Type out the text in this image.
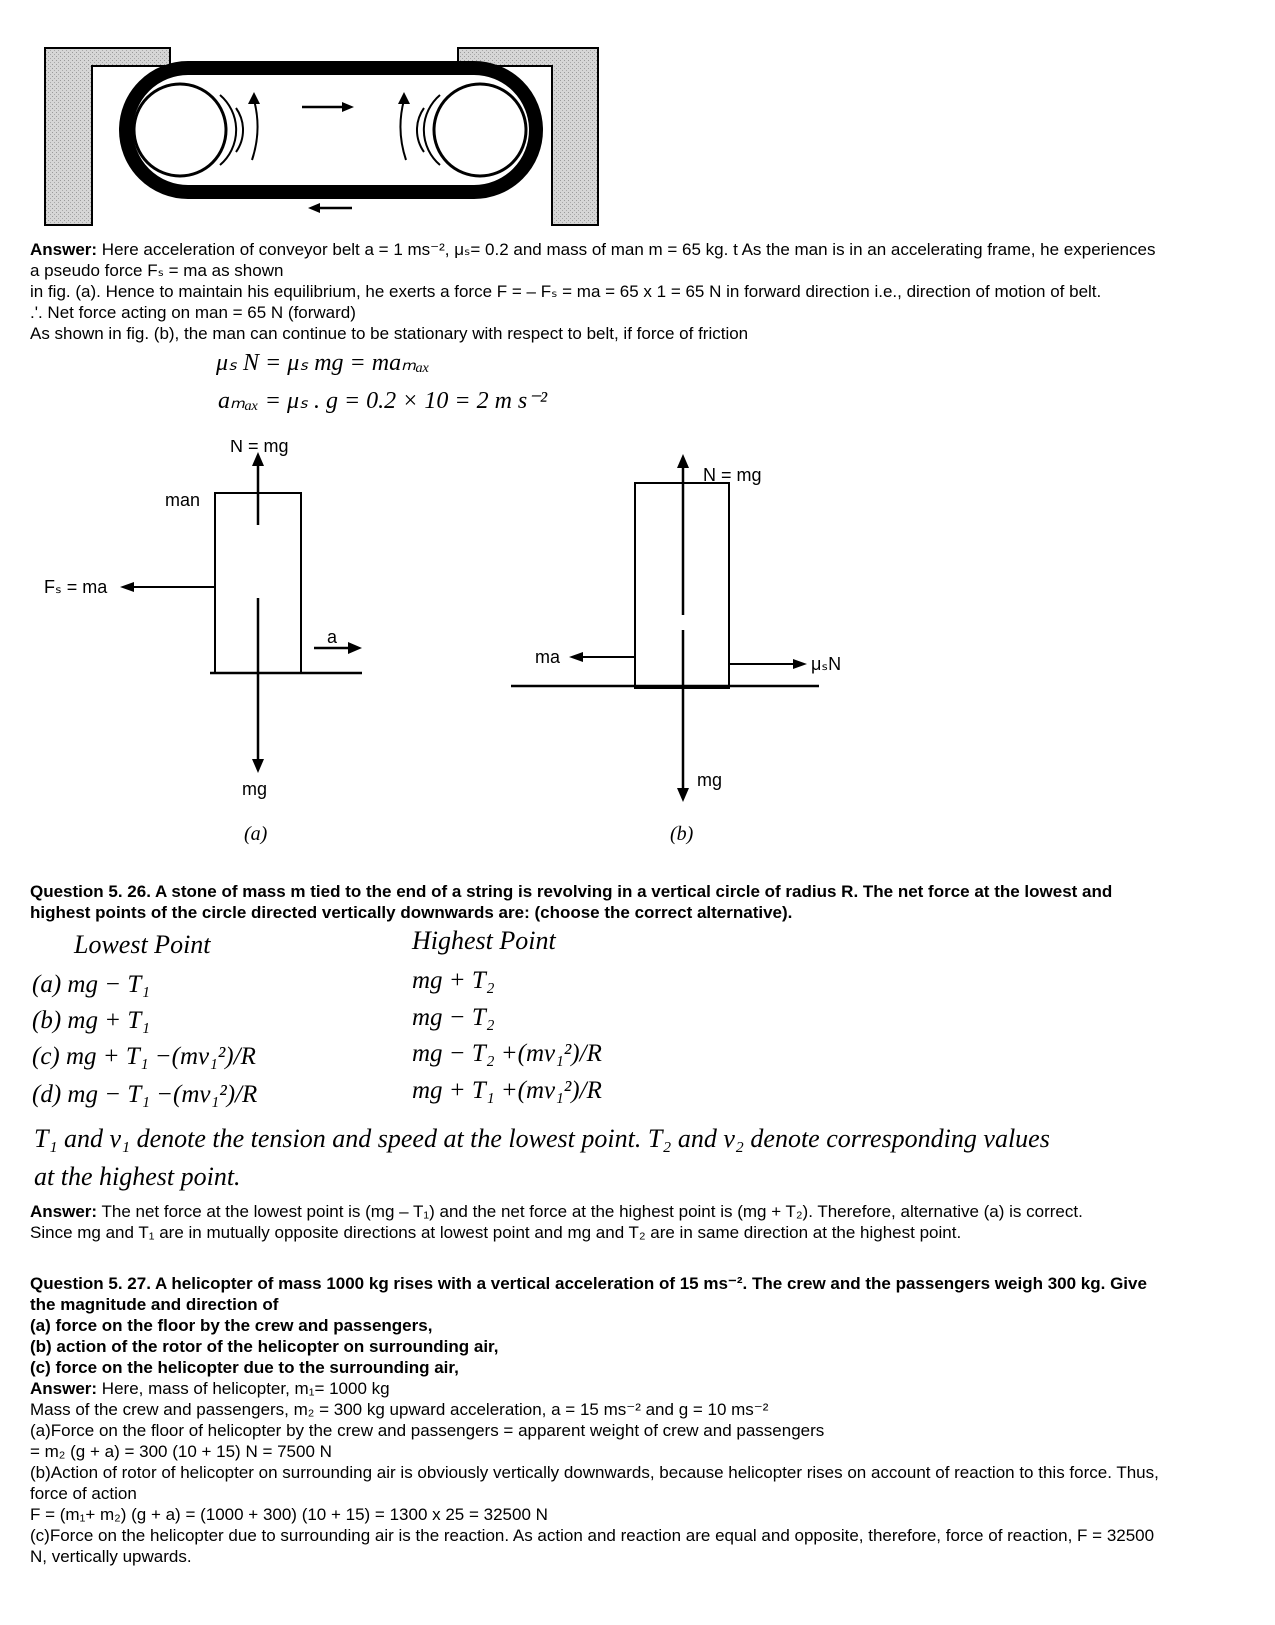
Answer: Here acceleration of conveyor belt a = 1 ms⁻², μₛ= 0.2 and mass of man m = 65 kg. t As the man is in an accelerating frame, he experiences
a pseudo force Fₛ = ma as shown
in fig. (a). Hence to maintain his equilibrium, he exerts a force F = – Fₛ = ma = 65 x 1 = 65 N in forward direction i.e., direction of motion of belt.
.'. Net force acting on man = 65 N (forward)
As shown in fig. (b), the man can continue to be stationary with respect to belt, if force of friction
μₛ N = μₛ mg = maₘₐₓ
aₘₐₓ = μₛ . g = 0.2 × 10 = 2 m s⁻²
N = mg
man
Fₛ = ma
a
mg
(a)
N = mg
ma	μₛN
mg
(b)
Question 5. 26. A stone of mass m tied to the end of a string is revolving in a vertical circle of radius R. The net force at the lowest and
highest points of the circle directed vertically downwards are: (choose the correct alternative).
Lowest Point	Highest Point
(a) mg − T₁	mg + T₂
(b) mg + T₁	mg − T₂
(c) mg + T₁ −(mv₁²)/R	mg − T₂ +(mv₁²)/R
(d) mg − T₁ −(mv₁²)/R	mg + T₁ +(mv₁²)/R
T₁ and v₁ denote the tension and speed at the lowest point. T₂ and v₂ denote corresponding values
at the highest point.
Answer: The net force at the lowest point is (mg – T₁) and the net force at the highest point is (mg + T₂). Therefore, alternative (a) is correct.
Since mg and T₁ are in mutually opposite directions at lowest point and mg and T₂ are in same direction at the highest point.
Question 5. 27. A helicopter of mass 1000 kg rises with a vertical acceleration of 15 ms⁻². The crew and the passengers weigh 300 kg. Give
the magnitude and direction of
(a) force on the floor by the crew and passengers,
(b) action of the rotor of the helicopter on surrounding air,
(c) force on the helicopter due to the surrounding air,
Answer: Here, mass of helicopter, m₁= 1000 kg
Mass of the crew and passengers, m₂ = 300 kg upward acceleration, a = 15 ms⁻² and g = 10 ms⁻²
(a)Force on the floor of helicopter by the crew and passengers = apparent weight of crew and passengers
= m₂ (g + a) = 300 (10 + 15) N = 7500 N
(b)Action of rotor of helicopter on surrounding air is obviously vertically downwards, because helicopter rises on account of reaction to this force. Thus,
force of action
F = (m₁+ m₂) (g + a) = (1000 + 300) (10 + 15) = 1300 x 25 = 32500 N
(c)Force on the helicopter due to surrounding air is the reaction. As action and reaction are equal and opposite, therefore, force of reaction, F = 32500
N, vertically upwards.
